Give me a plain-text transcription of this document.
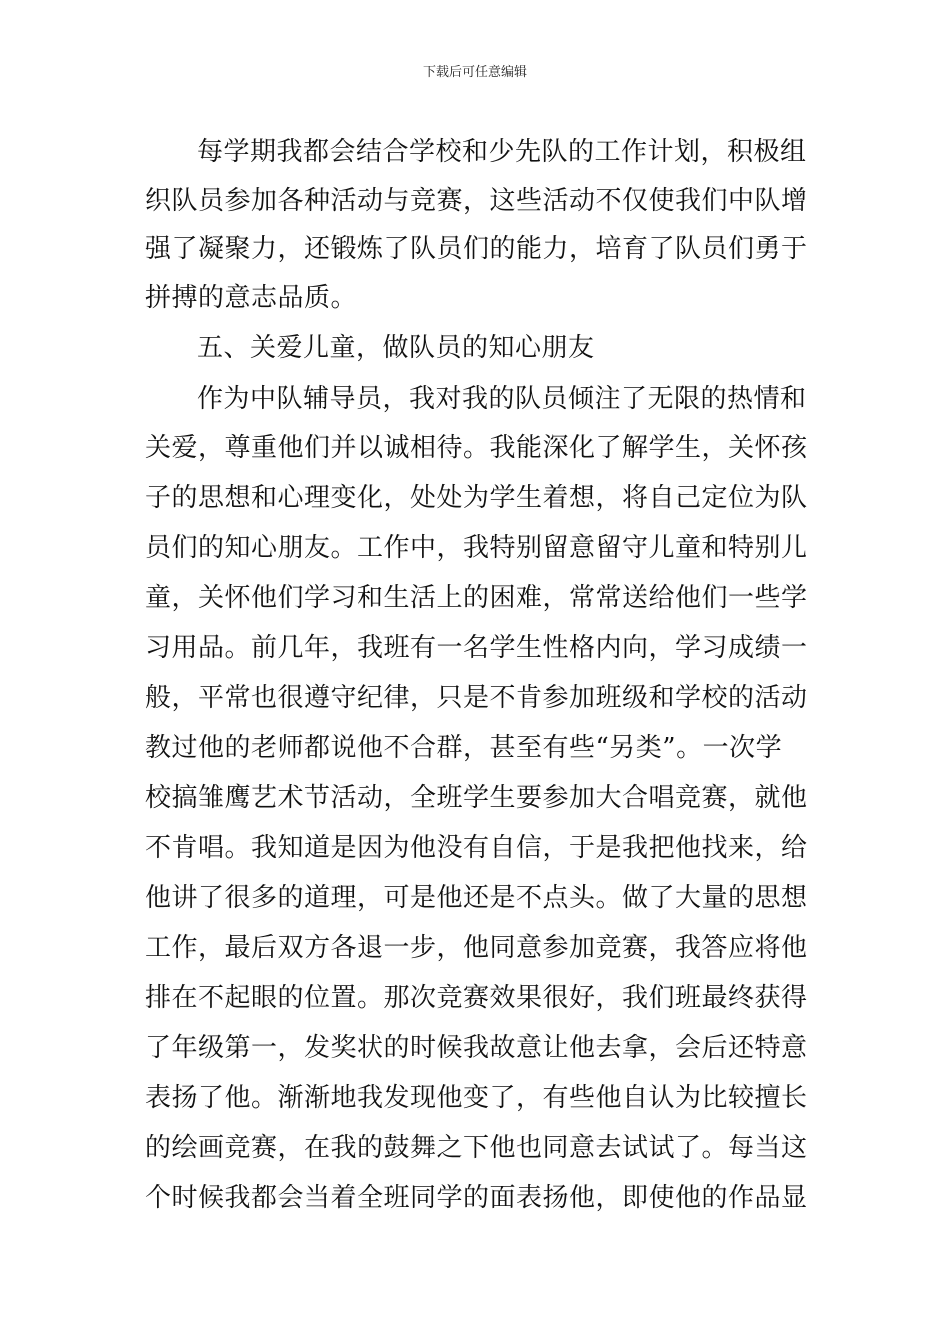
下载后可任意编辑
每学期我都会结合学校和少先队的工作计划，积极组
织队员参加各种活动与竞赛，这些活动不仅使我们中队增
强了凝聚力，还锻炼了队员们的能力，培育了队员们勇于
拼搏的意志品质。
五、关爱儿童，做队员的知心朋友
作为中队辅导员，我对我的队员倾注了无限的热情和
关爱，尊重他们并以诚相待。我能深化了解学生，关怀孩
子的思想和心理变化，处处为学生着想，将自己定位为队
员们的知心朋友。工作中，我特别留意留守儿童和特别儿
童，关怀他们学习和生活上的困难，常常送给他们一些学
习用品。前几年，我班有一名学生性格内向，学习成绩一
般，平常也很遵守纪律，只是不肯参加班级和学校的活动
教过他的老师都说他不合群，甚至有些“另类”。一次学
校搞雏鹰艺术节活动，全班学生要参加大合唱竞赛，就他
不肯唱。我知道是因为他没有自信，于是我把他找来，给
他讲了很多的道理，可是他还是不点头。做了大量的思想
工作，最后双方各退一步，他同意参加竞赛，我答应将他
排在不起眼的位置。那次竞赛效果很好，我们班最终获得
了年级第一，发奖状的时候我故意让他去拿，会后还特意
表扬了他。渐渐地我发现他变了，有些他自认为比较擅长
的绘画竞赛，在我的鼓舞之下他也同意去试试了。每当这
个时候我都会当着全班同学的面表扬他，即使他的作品显
